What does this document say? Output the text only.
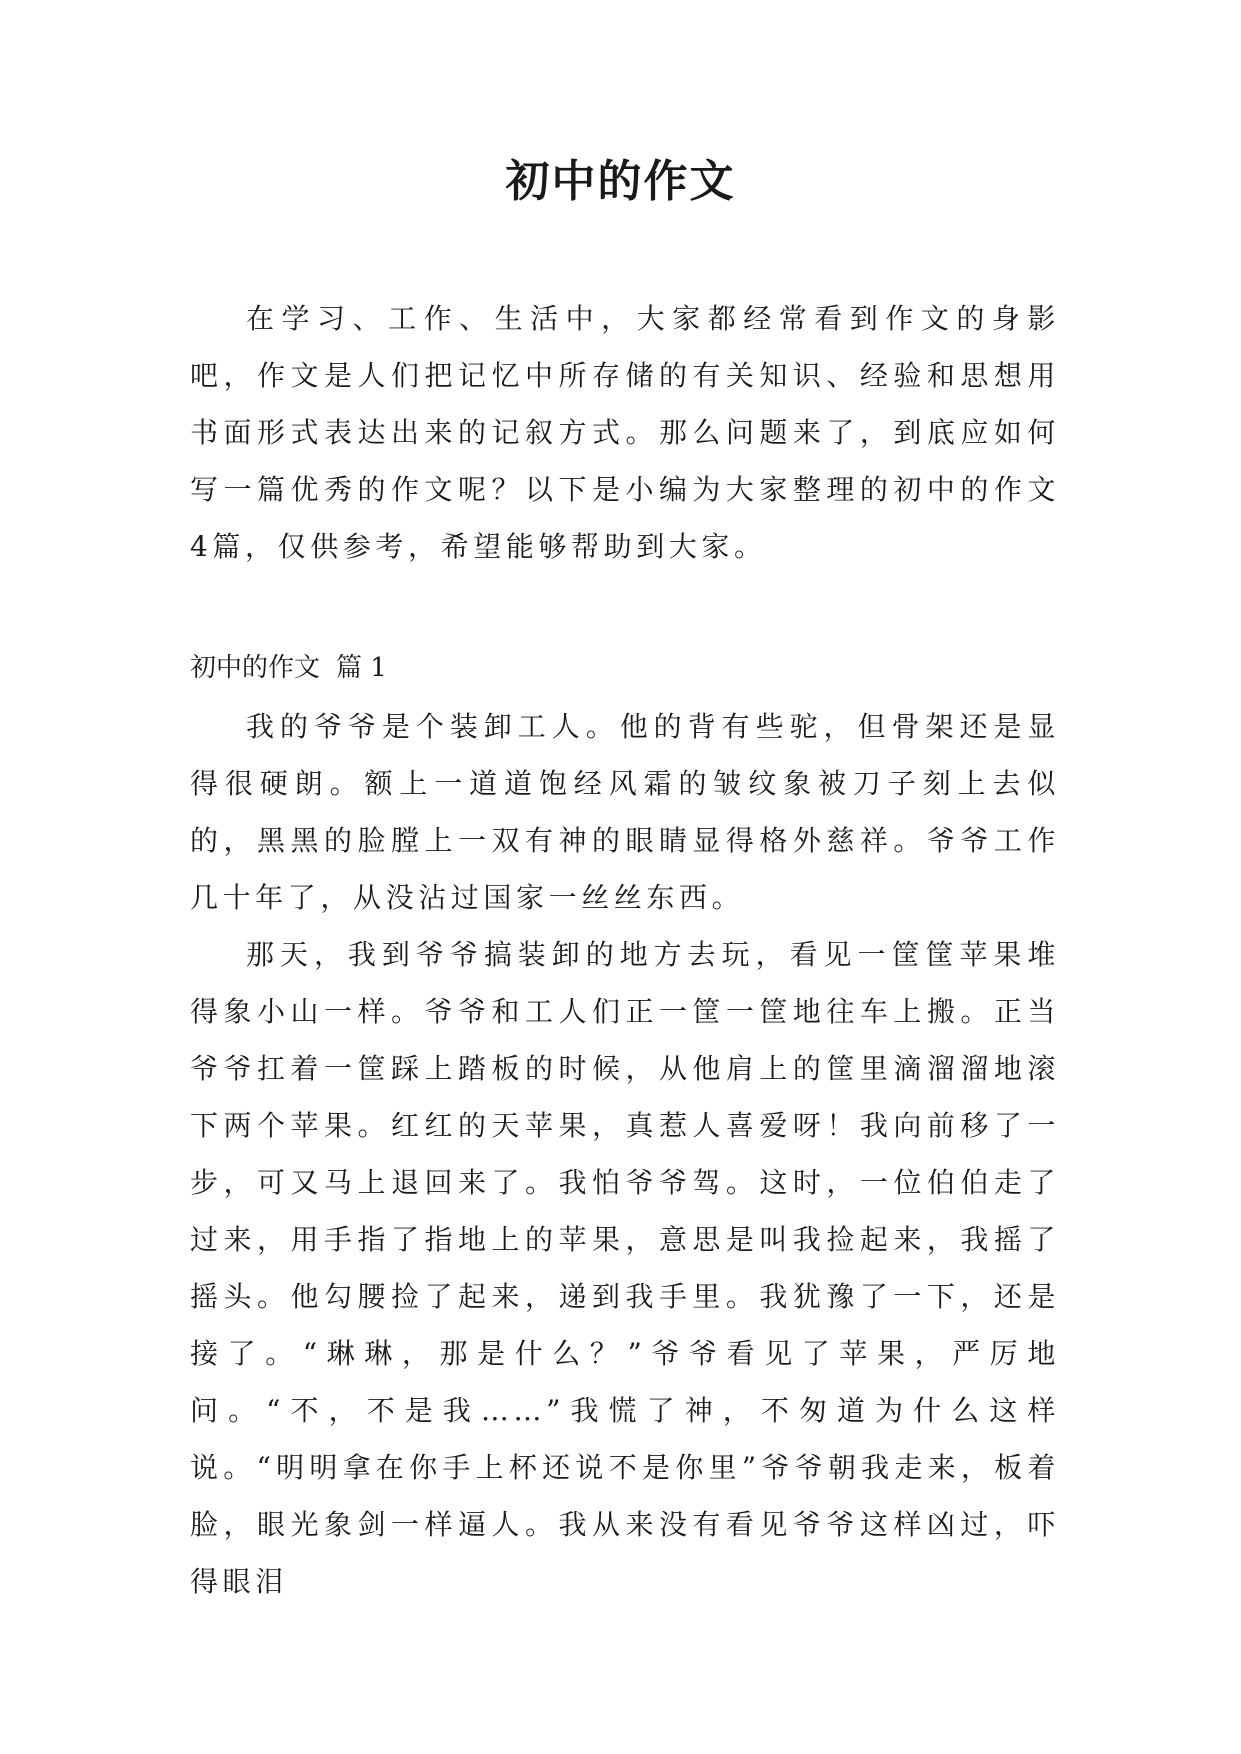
初中的作文

在学习、工作、生活中，大家都经常看到作文的身影吧，作文是人们把记忆中所存储的有关知识、经验和思想用书面形式表达出来的记叙方式。那么问题来了，到底应如何写一篇优秀的作文呢？以下是小编为大家整理的初中的作文4篇，仅供参考，希望能够帮助到大家。

初中的作文 篇 1

我的爷爷是个装卸工人。他的背有些驼，但骨架还是显得很硬朗。额上一道道饱经风霜的皱纹象被刀子刻上去似的，黑黑的脸膛上一双有神的眼睛显得格外慈祥。爷爷工作几十年了，从没沾过国家一丝丝东西。

那天，我到爷爷搞装卸的地方去玩，看见一筐筐苹果堆得象小山一样。爷爷和工人们正一筐一筐地往车上搬。正当爷爷扛着一筐踩上踏板的时候，从他肩上的筐里滴溜溜地滚下两个苹果。红红的天苹果，真惹人喜爱呀！我向前移了一步，可又马上退回来了。我怕爷爷驾。这时，一位伯伯走了过来，用手指了指地上的苹果，意思是叫我捡起来，我摇了摇头。他勾腰捡了起来，递到我手里。我犹豫了一下，还是接了。“琳琳，那是什么？”爷爷看见了苹果，严厉地问。“不，不是我……”我慌了神，不匆道为什么这样说。“明明拿在你手上杯还说不是你里”爷爷朝我走来，板着脸，眼光象剑一样逼人。我从来没有看见爷爷这样凶过，吓得眼泪
